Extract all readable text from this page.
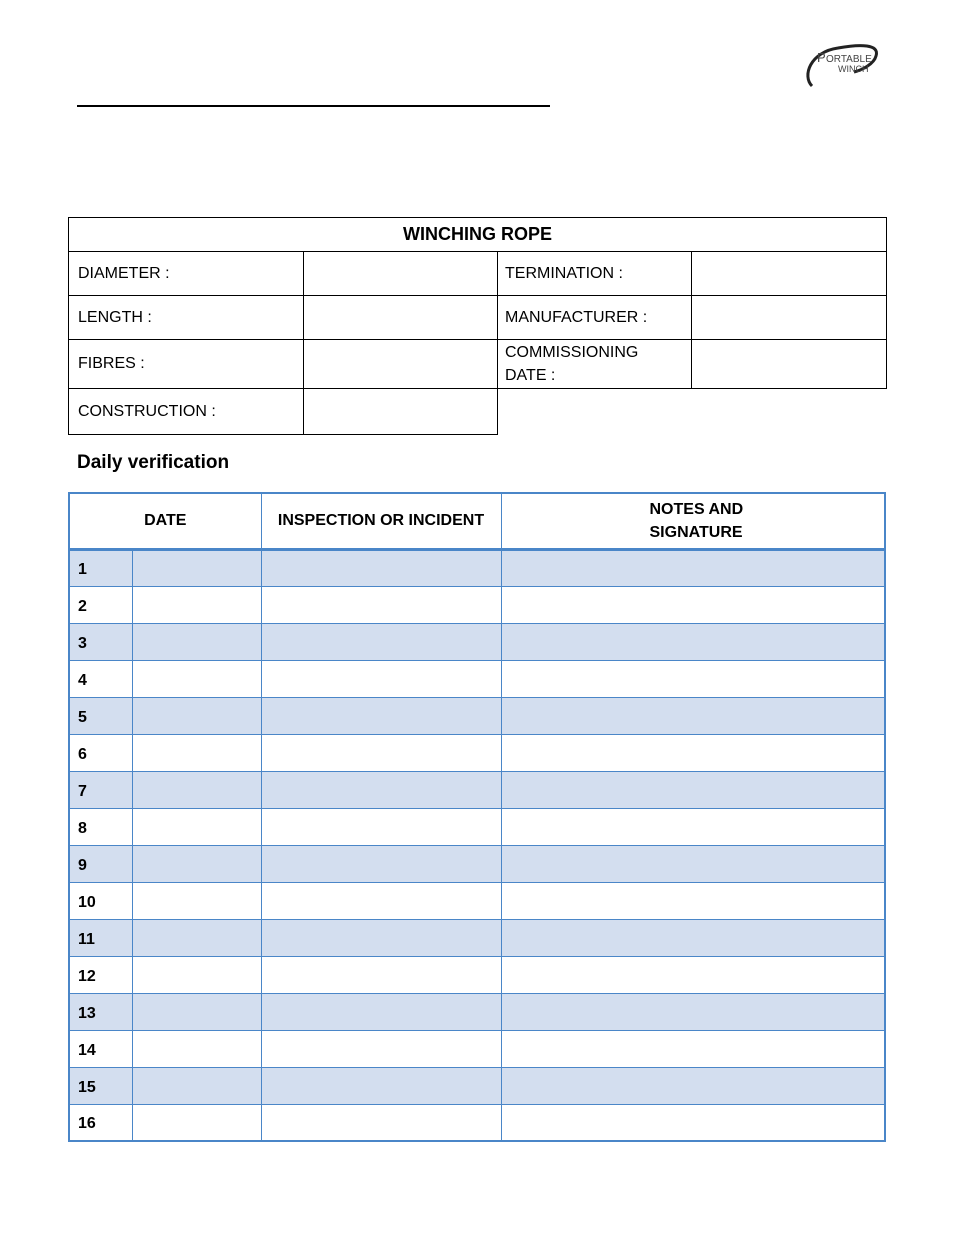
P ORTABLE
WINCH
WINCHING ROPE			
DIAMETER :		TERMINATION :	
LENGTH :		MANUFACTURER :	
FIBRES :		COMMISSIONING DATE :	
CONSTRUCTION :			
Daily verification
DATE		INSPECTION OR INCIDENT	NOTES AND
SIGNATURE
1			
2			
3			
4			
5			
6			
7			
8			
9			
10			
11			
12			
13			
14			
15			
16			
